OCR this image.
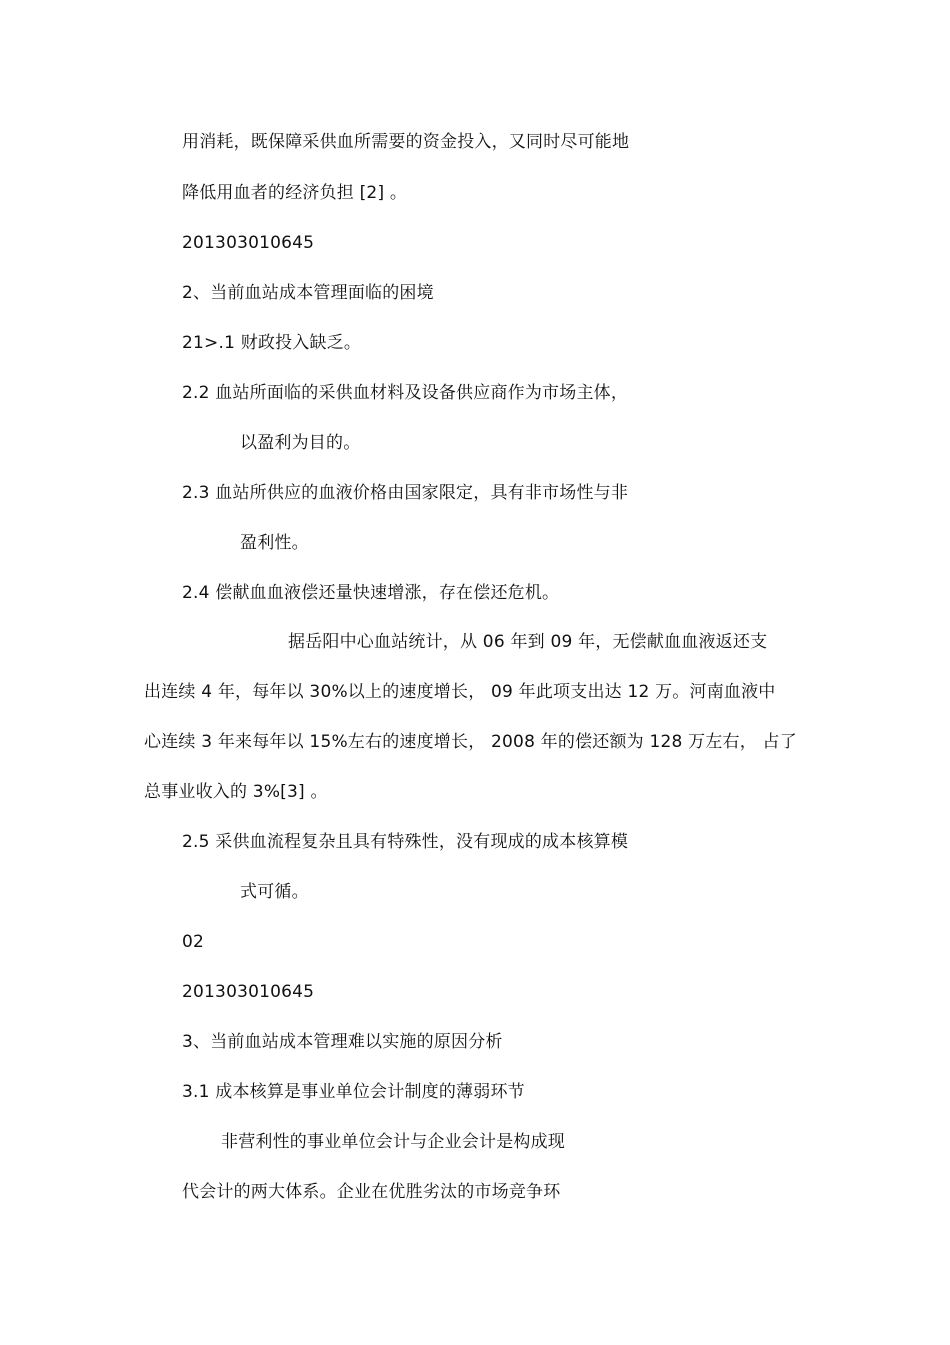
用消耗，既保障采供血所需要的资金投入，又同时尽可能地
降低用血者的经济负担 [2] 。
201303010645
2、当前血站成本管理面临的困境
21>.1 财政投入缺乏。
2.2 血站所面临的采供血材料及设备供应商作为市场主体，
以盈利为目的。
2.3 血站所供应的血液价格由国家限定，具有非市场性与非
盈利性。
2.4 偿献血血液偿还量快速增涨，存在偿还危机。
据岳阳中心血站统计，从 06 年到 09 年，无偿献血血液返还支
出连续 4 年，每年以 30%以上的速度增长， 09 年此项支出达 12 万。河南血液中
心连续 3 年来每年以 15%左右的速度增长， 2008 年的偿还额为 128 万左右， 占了
总事业收入的 3%[3] 。
2.5 采供血流程复杂且具有特殊性，没有现成的成本核算模
式可循。
02
201303010645
3、当前血站成本管理难以实施的原因分析
3.1 成本核算是事业单位会计制度的薄弱环节
非营利性的事业单位会计与企业会计是构成现
代会计的两大体系。企业在优胜劣汰的市场竞争环
